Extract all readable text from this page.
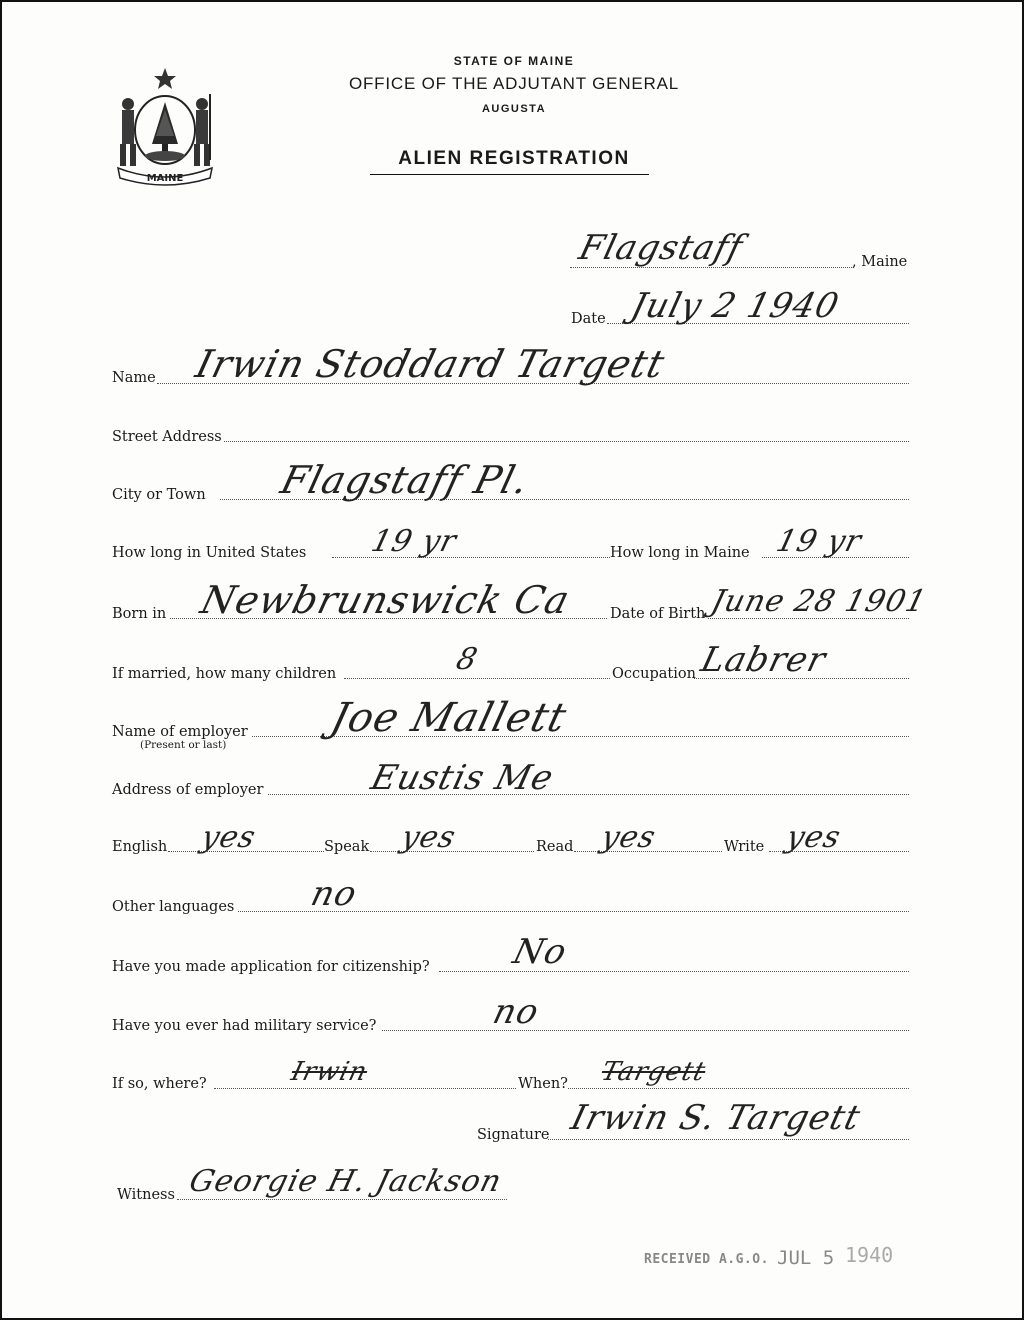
MAINE
STATE OF MAINE
OFFICE OF THE ADJUTANT GENERAL
AUGUSTA
ALIEN REGISTRATION
Flagstaff	, Maine
Date July 2 1940
Name Irwin Stoddard Targett
Street Address
City or Town Flagstaff Pl.
How long in United States 19 yr	How long in Maine 19 yr
Born in Newbrunswick Ca Date of Birth June 28 1901
If married, how many children	8	Occupation Labrer
Name of employer
(Present or last)
Joe Mallett
Address of employer	Eustis Me
English yes	Speak yes	Read yes	Write yes
Other languages no
Have you made application for citizenship? No
Have you ever had military service?	no
If so, where?	Irwin	When? Targett
Signature Irwin S. Targett
Witness Georgie H. Jackson
RECEIVED A.G.O. JUL 5 1940
